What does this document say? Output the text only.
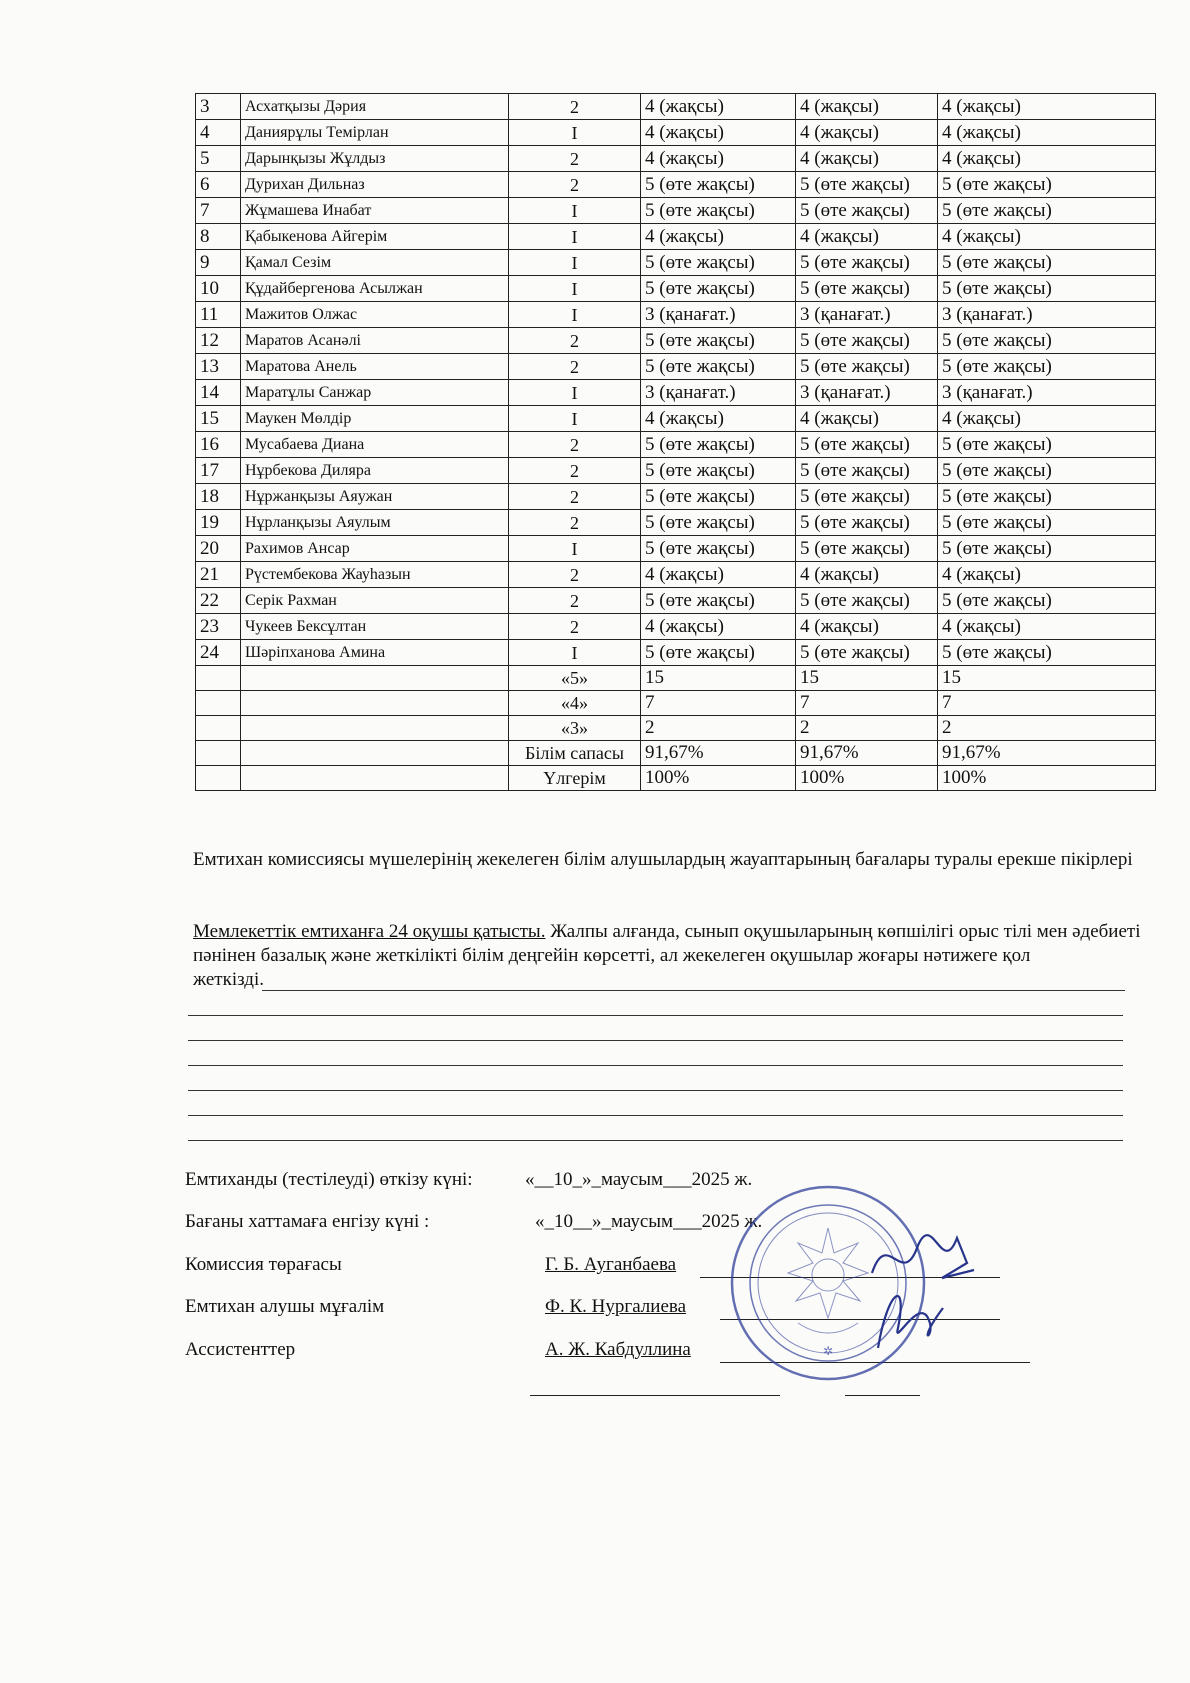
3	Асхатқызы Дәрия	2	4 (жақсы)	4 (жақсы)	4 (жақсы)
4	Даниярұлы Темірлан	I	4 (жақсы)	4 (жақсы)	4 (жақсы)
5	Дарынқызы Жұлдыз	2	4 (жақсы)	4 (жақсы)	4 (жақсы)
6	Дурихан Дильназ	2	5 (өте жақсы)	5 (өте жақсы)	5 (өте жақсы)
7	Жұмашева Инабат	I	5 (өте жақсы)	5 (өте жақсы)	5 (өте жақсы)
8	Қабыкенова Айгерім	I	4 (жақсы)	4 (жақсы)	4 (жақсы)
9	Қамал Сезім	I	5 (өте жақсы)	5 (өте жақсы)	5 (өте жақсы)
10	Құдайбергенова Асылжан	I	5 (өте жақсы)	5 (өте жақсы)	5 (өте жақсы)
11	Мажитов Олжас	I	3 (қанағат.)	3 (қанағат.)	3 (қанағат.)
12	Маратов Асанәлі	2	5 (өте жақсы)	5 (өте жақсы)	5 (өте жақсы)
13	Маратова Анель	2	5 (өте жақсы)	5 (өте жақсы)	5 (өте жақсы)
14	Маратұлы Санжар	I	3 (қанағат.)	3 (қанағат.)	3 (қанағат.)
15	Маукен Мөлдір	I	4 (жақсы)	4 (жақсы)	4 (жақсы)
16	Мусабаева Диана	2	5 (өте жақсы)	5 (өте жақсы)	5 (өте жақсы)
17	Нұрбекова Диляра	2	5 (өте жақсы)	5 (өте жақсы)	5 (өте жақсы)
18	Нұржанқызы Аяужан	2	5 (өте жақсы)	5 (өте жақсы)	5 (өте жақсы)
19	Нұрланқызы Аяулым	2	5 (өте жақсы)	5 (өте жақсы)	5 (өте жақсы)
20	Рахимов Ансар	I	5 (өте жақсы)	5 (өте жақсы)	5 (өте жақсы)
21	Рүстембекова Жауһазын	2	4 (жақсы)	4 (жақсы)	4 (жақсы)
22	Серік Рахман	2	5 (өте жақсы)	5 (өте жақсы)	5 (өте жақсы)
23	Чукеев Бексұлтан	2	4 (жақсы)	4 (жақсы)	4 (жақсы)
24	Шәріпханова Амина	I	5 (өте жақсы)	5 (өте жақсы)	5 (өте жақсы)
		«5»	15	15	15
		«4»	7	7	7
		«3»	2	2	2
		Білім сапасы	91,67%	91,67%	91,67%
		Үлгерім	100%	100%	100%
Емтихан комиссиясы мүшелерінің жекелеген білім алушылардың жауаптарының бағалары туралы ерекше пікірлері
Мемлекеттік емтиханға 24 оқушы қатысты. Жалпы алғанда, сынып оқушыларының көпшілігі орыс тілі мен әдебиеті пәнінен базалық және жеткілікті білім деңгейін көрсетті, ал жекелеген оқушылар жоғары нәтижеге қол
жеткізді.
Емтиханды (тестілеуді) өткізу күні:	«__10_»_маусым___2025 ж.
Бағаны хаттамаға енгізу күні :	«_10__»_маусым___2025 ж.
Комиссия төрағасы	Г. Б. Ауганбаева
Емтихан алушы мұғалім	Ф. К. Нургалиева
Ассистенттер	А. Ж. Кабдуллина	✲
